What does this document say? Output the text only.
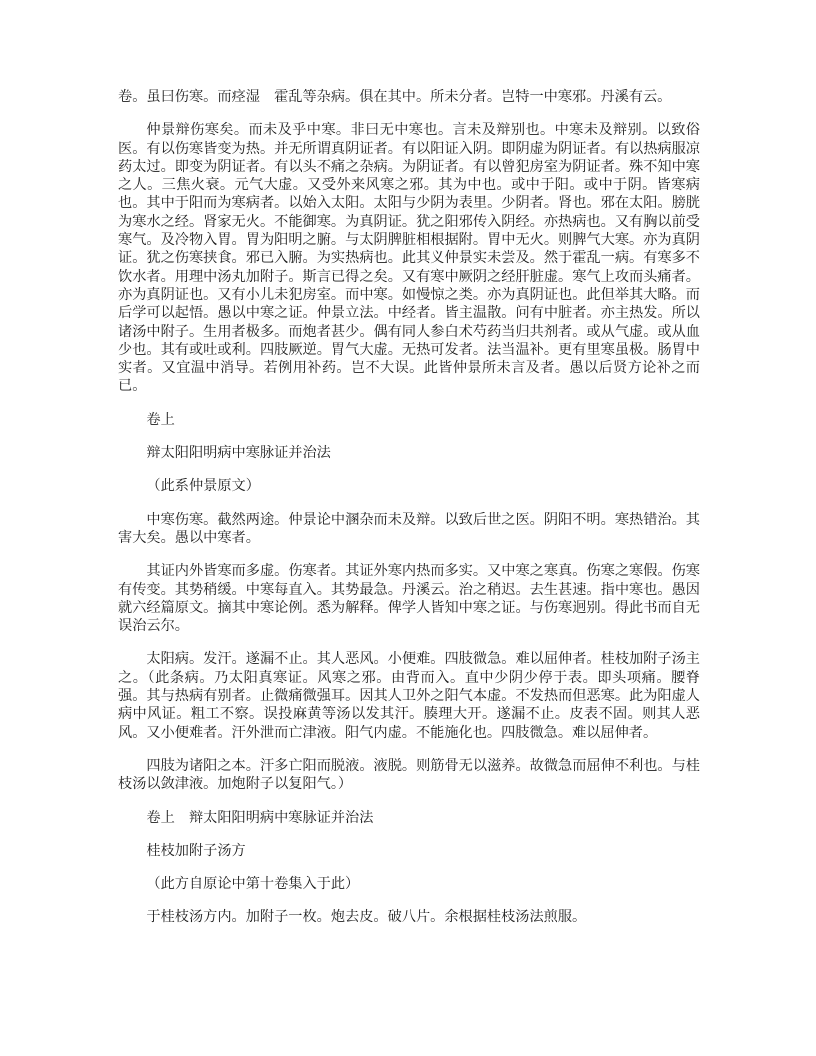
卷。虽曰伤寒。而痉湿　霍乱等杂病。俱在其中。所未分者。岂特一中寒邪。丹溪有云。

仲景辩伤寒矣。而未及乎中寒。非曰无中寒也。言未及辩别也。中寒未及辩别。以致俗医。有以伤寒皆变为热。并无所谓真阴证者。有以阳证入阴。即阴虚为阴证者。有以热病服凉药太过。即变为阴证者。有以头不痛之杂病。为阴证者。有以曾犯房室为阴证者。殊不知中寒之人。三焦火衰。元气大虚。又受外来风寒之邪。其为中也。或中于阳。或中于阴。皆寒病也。其中于阳而为寒病者。以始入太阳。太阳与少阴为表里。少阴者。肾也。邪在太阳。膀胱为寒水之经。肾家无火。不能御寒。为真阴证。犹之阳邪传入阴经。亦热病也。又有胸以前受寒气。及冷物入胃。胃为阳明之腑。与太阴脾脏相根据附。胃中无火。则脾气大寒。亦为真阴证。犹之伤寒挟食。邪已入腑。为实热病也。此其义仲景实未尝及。然于霍乱一病。有寒多不饮水者。用理中汤丸加附子。斯言已得之矣。又有寒中厥阴之经肝脏虚。寒气上攻而头痛者。亦为真阴证也。又有小儿未犯房室。而中寒。如慢惊之类。亦为真阴证也。此但举其大略。而后学可以起悟。愚以中寒之证。仲景立法。中经者。皆主温散。问有中脏者。亦主热发。所以诸汤中附子。生用者极多。而炮者甚少。偶有同人参白术芍药当归共剂者。或从气虚。或从血少也。其有或吐或利。四肢厥逆。胃气大虚。无热可发者。法当温补。更有里寒虽极。肠胃中实者。又宜温中消导。若例用补药。岂不大误。此皆仲景所未言及者。愚以后贤方论补之而已。

卷上

辩太阳阳明病中寒脉证并治法

（此系仲景原文）

中寒伤寒。截然两途。仲景论中溷杂而未及辩。以致后世之医。阴阳不明。寒热错治。其害大矣。愚以中寒者。

其证内外皆寒而多虚。伤寒者。其证外寒内热而多实。又中寒之寒真。伤寒之寒假。伤寒有传变。其势稍缓。中寒每直入。其势最急。丹溪云。治之稍迟。去生甚速。指中寒也。愚因就六经篇原文。摘其中寒论例。悉为解释。俾学人皆知中寒之证。与伤寒迥别。得此书而自无误治云尔。

太阳病。发汗。遂漏不止。其人恶风。小便难。四肢微急。难以屈伸者。桂枝加附子汤主之。（此条病。乃太阳真寒证。风寒之邪。由背而入。直中少阴少停于表。即头项痛。腰脊强。其与热病有别者。止微痛微强耳。因其人卫外之阳气本虚。不发热而但恶寒。此为阳虚人病中风证。粗工不察。误投麻黄等汤以发其汗。腠理大开。遂漏不止。皮表不固。则其人恶风。又小便难者。汗外泄而亡津液。阳气内虚。不能施化也。四肢微急。难以屈伸者。

四肢为诸阳之本。汗多亡阳而脱液。液脱。则筋骨无以滋养。故微急而屈伸不利也。与桂枝汤以敛津液。加炮附子以复阳气。）

卷上　辩太阳阳明病中寒脉证并治法

桂枝加附子汤方

（此方自原论中第十卷集入于此）

于桂枝汤方内。加附子一枚。炮去皮。破八片。余根据桂枝汤法煎服。
